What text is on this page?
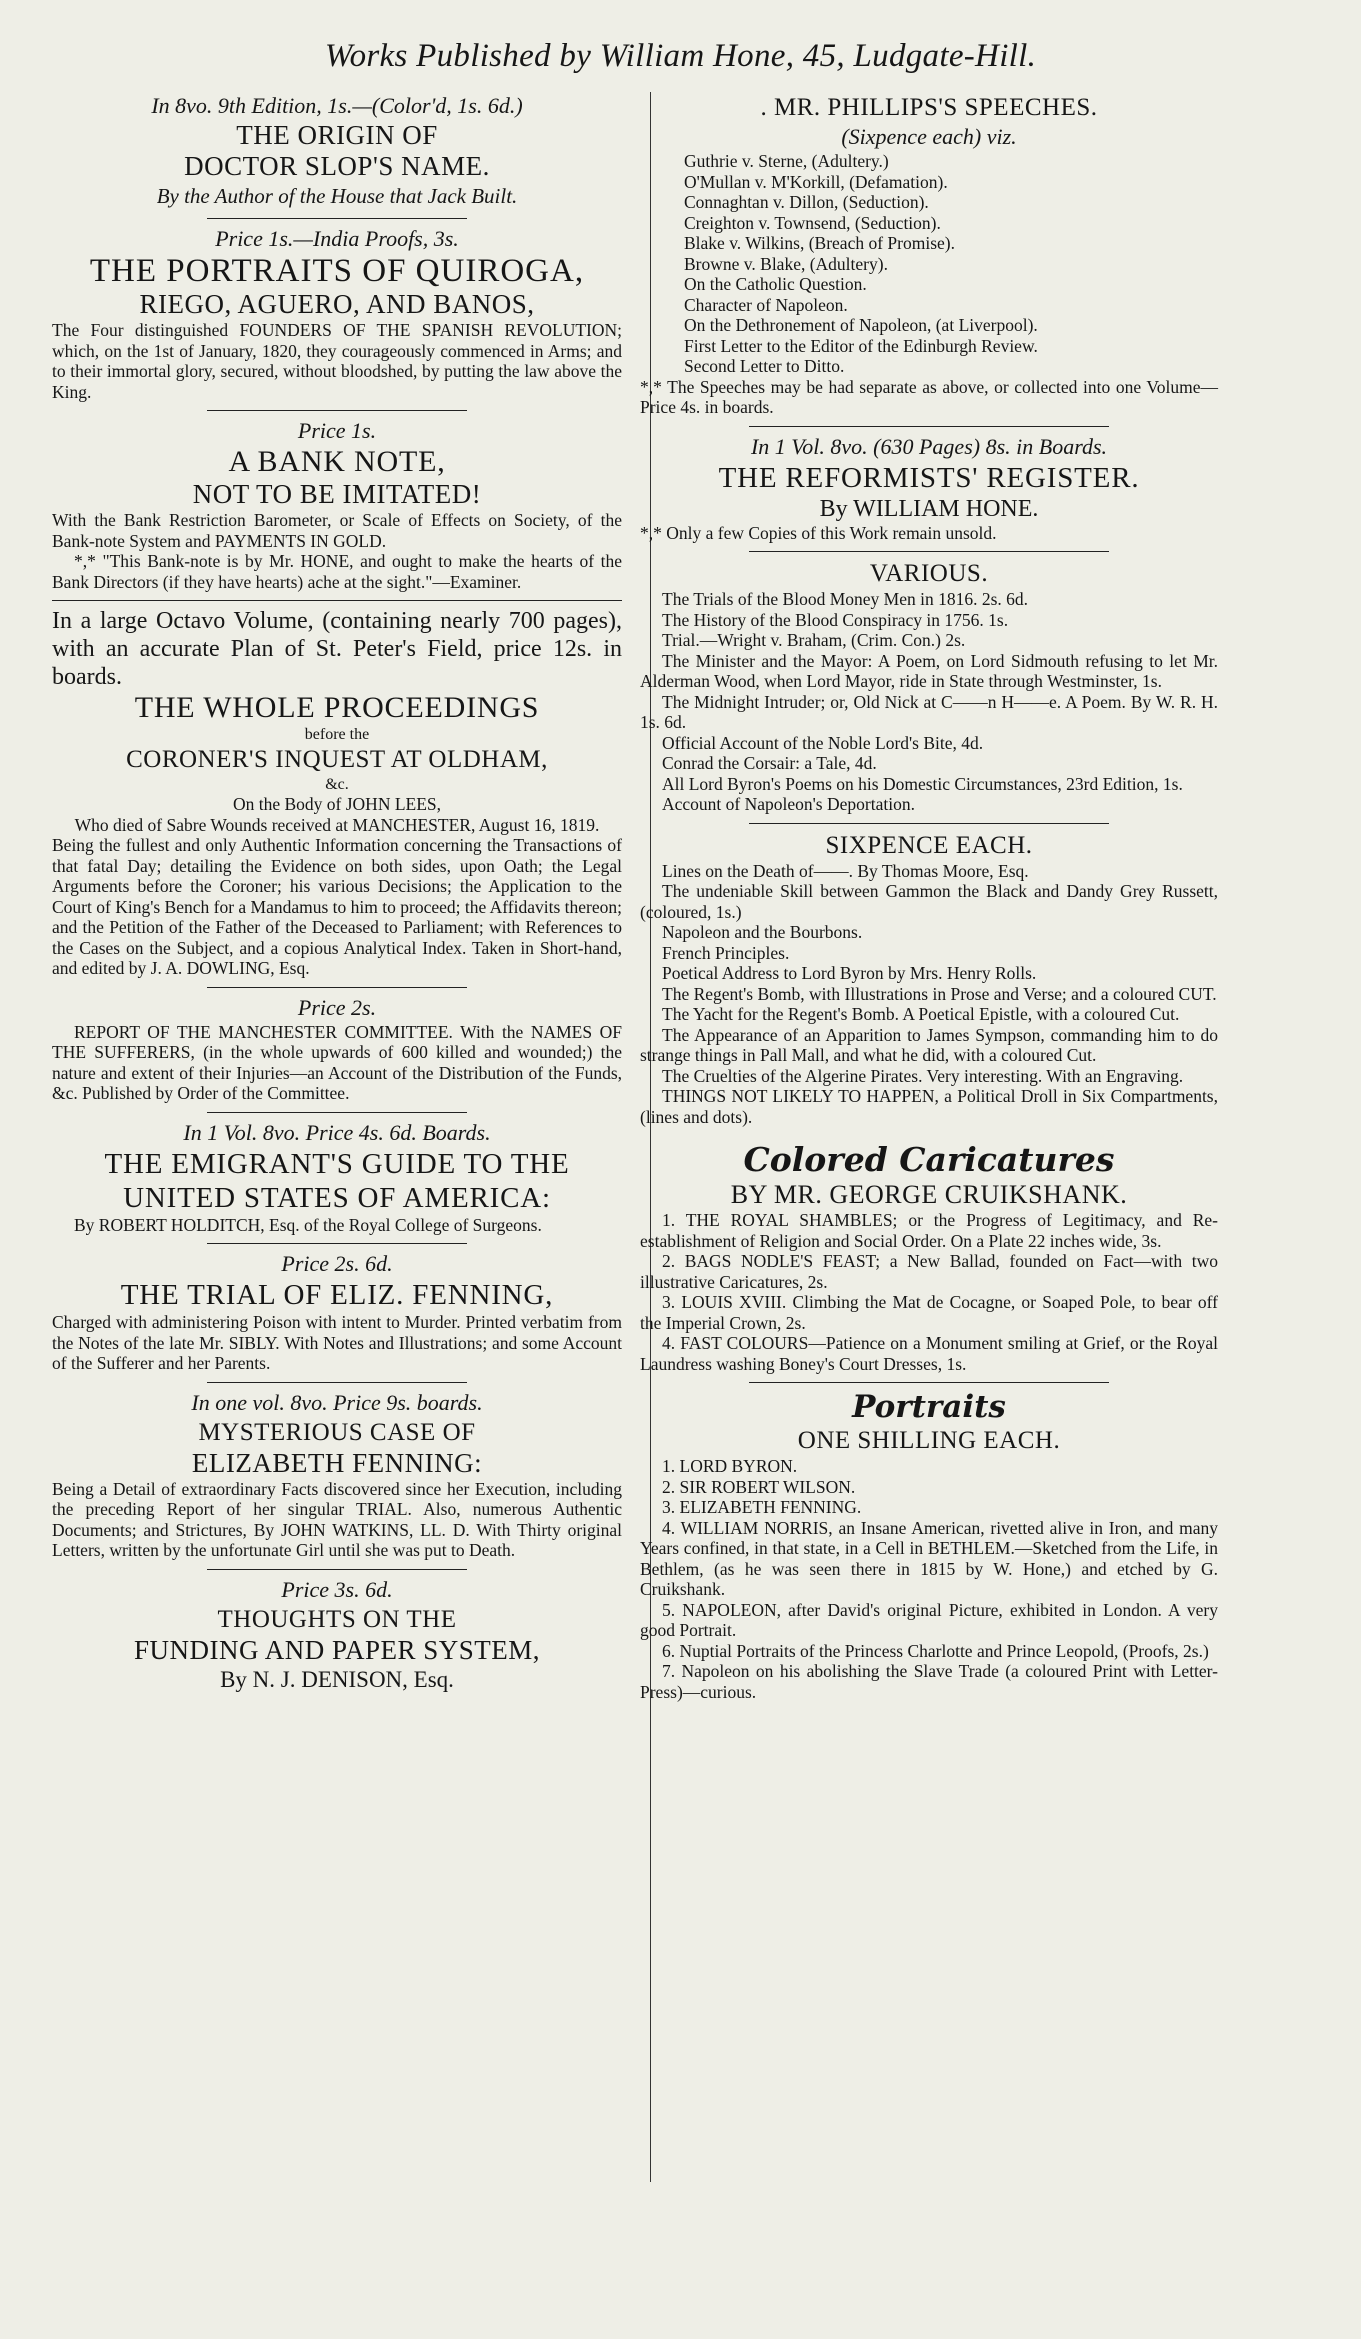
Works Published by William Hone, 45, Ludgate-Hill.
In 8vo. 9th Edition, 1s.—(Color'd, 1s. 6d.)
THE ORIGIN OF
DOCTOR SLOP'S NAME.
By the Author of the House that Jack Built.
Price 1s.—India Proofs, 3s.
THE PORTRAITS OF QUIROGA,
RIEGO, AGUERO, AND BANOS,
The Four distinguished FOUNDERS OF THE SPANISH REVOLUTION; which, on the 1st of January, 1820, they courageously commenced in Arms; and to their immortal glory, secured, without bloodshed, by putting the law above the King.
Price 1s.
A BANK NOTE,
NOT TO BE IMITATED!
With the Bank Restriction Barometer, or Scale of Effects on Society, of the Bank-note System and PAYMENTS IN GOLD.
*,* "This Bank-note is by Mr. HONE, and ought to make the hearts of the Bank Directors (if they have hearts) ache at the sight."—Examiner.
In a large Octavo Volume, (containing nearly 700 pages), with an accurate Plan of St. Peter's Field, price 12s. in boards.
THE WHOLE PROCEEDINGS
before the
CORONER'S INQUEST AT OLDHAM,
&c.
On the Body of JOHN LEES,
Who died of Sabre Wounds received at MANCHESTER, August 16, 1819.
Being the fullest and only Authentic Information concerning the Transactions of that fatal Day; detailing the Evidence on both sides, upon Oath; the Legal Arguments before the Coroner; his various Decisions; the Application to the Court of King's Bench for a Mandamus to him to proceed; the Affidavits thereon; and the Petition of the Father of the Deceased to Parliament; with References to the Cases on the Subject, and a copious Analytical Index. Taken in Short-hand, and edited by J. A. DOWLING, Esq.
Price 2s.
REPORT OF THE MANCHESTER COMMITTEE. With the NAMES OF THE SUFFERERS, (in the whole upwards of 600 killed and wounded;) the nature and extent of their Injuries—an Account of the Distribution of the Funds, &c. Published by Order of the Committee.
In 1 Vol. 8vo. Price 4s. 6d. Boards.
THE EMIGRANT'S GUIDE TO THE
UNITED STATES OF AMERICA:
By ROBERT HOLDITCH, Esq. of the Royal College of Surgeons.
Price 2s. 6d.
THE TRIAL OF ELIZ. FENNING,
Charged with administering Poison with intent to Murder. Printed verbatim from the Notes of the late Mr. SIBLY. With Notes and Illustrations; and some Account of the Sufferer and her Parents.
In one vol. 8vo. Price 9s. boards.
MYSTERIOUS CASE OF
ELIZABETH FENNING:
Being a Detail of extraordinary Facts discovered since her Execution, including the preceding Report of her singular TRIAL. Also, numerous Authentic Documents; and Strictures, By JOHN WATKINS, LL. D. With Thirty original Letters, written by the unfortunate Girl until she was put to Death.
Price 3s. 6d.
THOUGHTS ON THE
FUNDING AND PAPER SYSTEM,
By N. J. DENISON, Esq.
. MR. PHILLIPS'S SPEECHES.
(Sixpence each) viz.
Guthrie v. Sterne, (Adultery.)
O'Mullan v. M'Korkill, (Defamation).
Connaghtan v. Dillon, (Seduction).
Creighton v. Townsend, (Seduction).
Blake v. Wilkins, (Breach of Promise).
Browne v. Blake, (Adultery).
On the Catholic Question.
Character of Napoleon.
On the Dethronement of Napoleon, (at Liverpool).
First Letter to the Editor of the Edinburgh Review.
Second Letter to Ditto.
*,* The Speeches may be had separate as above, or collected into one Volume—Price 4s. in boards.
In 1 Vol. 8vo. (630 Pages) 8s. in Boards.
THE REFORMISTS' REGISTER.
By WILLIAM HONE.
*,* Only a few Copies of this Work remain unsold.
VARIOUS.
The Trials of the Blood Money Men in 1816. 2s. 6d.
The History of the Blood Conspiracy in 1756. 1s.
Trial.—Wright v. Braham, (Crim. Con.) 2s.
The Minister and the Mayor: A Poem, on Lord Sidmouth refusing to let Mr. Alderman Wood, when Lord Mayor, ride in State through Westminster, 1s.
The Midnight Intruder; or, Old Nick at C——n H——e. A Poem. By W. R. H. 1s. 6d.
Official Account of the Noble Lord's Bite, 4d.
Conrad the Corsair: a Tale, 4d.
All Lord Byron's Poems on his Domestic Circumstances, 23rd Edition, 1s.
Account of Napoleon's Deportation.
SIXPENCE EACH.
Lines on the Death of——. By Thomas Moore, Esq.
The undeniable Skill between Gammon the Black and Dandy Grey Russett, (coloured, 1s.)
Napoleon and the Bourbons.
French Principles.
Poetical Address to Lord Byron by Mrs. Henry Rolls.
The Regent's Bomb, with Illustrations in Prose and Verse; and a coloured CUT.
The Yacht for the Regent's Bomb. A Poetical Epistle, with a coloured Cut.
The Appearance of an Apparition to James Sympson, commanding him to do strange things in Pall Mall, and what he did, with a coloured Cut.
The Cruelties of the Algerine Pirates. Very interesting. With an Engraving.
THINGS NOT LIKELY TO HAPPEN, a Political Droll in Six Compartments, (lines and dots).
Colored Caricatures
BY MR. GEORGE CRUIKSHANK.
1. THE ROYAL SHAMBLES; or the Progress of Legitimacy, and Re-establishment of Religion and Social Order. On a Plate 22 inches wide, 3s.
2. BAGS NODLE'S FEAST; a New Ballad, founded on Fact—with two illustrative Caricatures, 2s.
3. LOUIS XVIII. Climbing the Mat de Cocagne, or Soaped Pole, to bear off the Imperial Crown, 2s.
4. FAST COLOURS—Patience on a Monument smiling at Grief, or the Royal Laundress washing Boney's Court Dresses, 1s.
Portraits
ONE SHILLING EACH.
1. LORD BYRON.
2. SIR ROBERT WILSON.
3. ELIZABETH FENNING.
4. WILLIAM NORRIS, an Insane American, rivetted alive in Iron, and many Years confined, in that state, in a Cell in BETHLEM.—Sketched from the Life, in Bethlem, (as he was seen there in 1815 by W. Hone,) and etched by G. Cruikshank.
5. NAPOLEON, after David's original Picture, exhibited in London. A very good Portrait.
6. Nuptial Portraits of the Princess Charlotte and Prince Leopold, (Proofs, 2s.)
7. Napoleon on his abolishing the Slave Trade (a coloured Print with Letter-Press)—curious.
